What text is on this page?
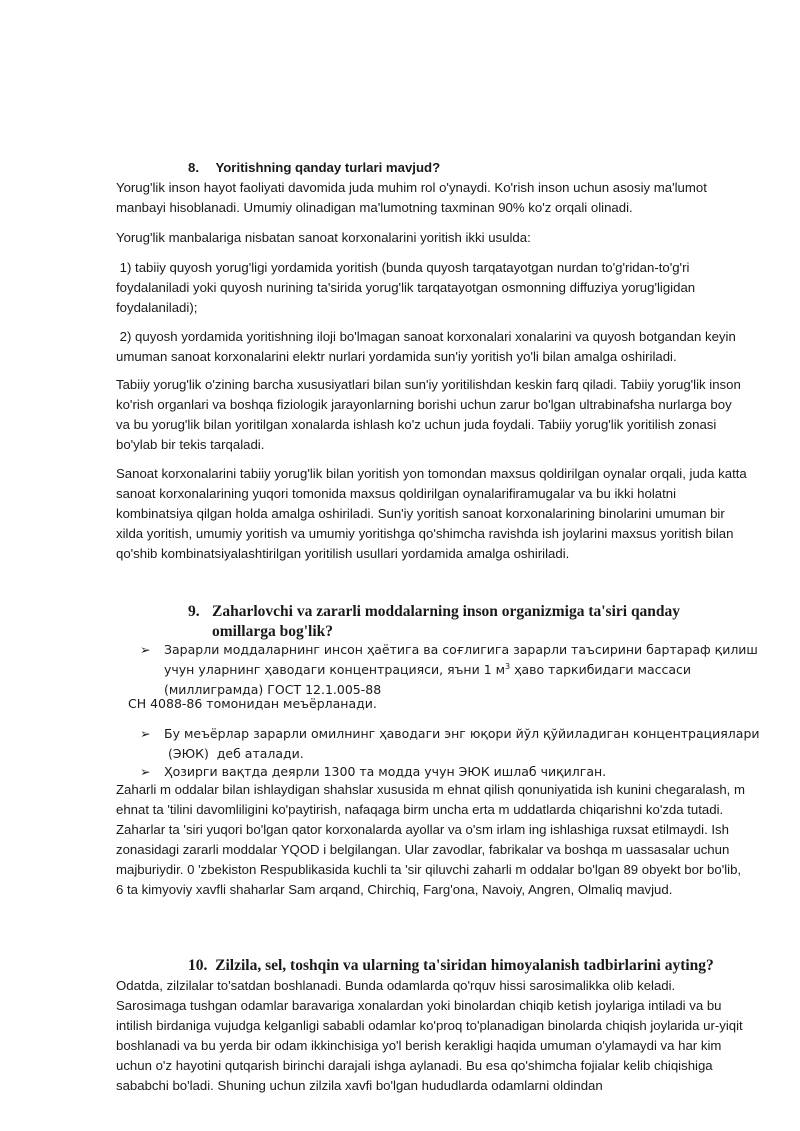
8. Yoritishning qanday turlari mavjud?

Yorug'lik inson hayot faoliyati davomida juda muhim rol o'ynaydi. Ko'rish inson uchun asosiy ma'lumot manbayi hisoblanadi. Umumiy olinadigan ma'lumotning taxminan 90% ko'z orqali olinadi.

Yorug'lik manbalariga nisbatan sanoat korxonalarini yoritish ikki usulda:

1) tabiiy quyosh yorug'ligi yordamida yoritish (bunda quyosh tarqatayotgan nurdan to'g'ridan-to'g'ri foydalaniladi yoki quyosh nurining ta'sirida yorug'lik tarqatayotgan osmonning diffuziya yorug'ligidan foydalaniladi);

2) quyosh yordamida yoritishning iloji bo'lmagan sanoat korxonalari xonalarini va quyosh botgandan keyin umuman sanoat korxonalarini elektr nurlari yordamida sun'iy yoritish yo'li bilan amalga oshiriladi.

Tabiiy yorug'lik o'zining barcha xususiyatlari bilan sun'iy yoritilishdan keskin farq qiladi. Tabiiy yorug'lik inson ko'rish organlari va boshqa fiziologik jarayonlarning borishi uchun zarur bo'lgan ultrabinafsha nurlarga boy va bu yorug'lik bilan yoritilgan xonalarda ishlash ko'z uchun juda foydali. Tabiiy yorug'lik yoritilish zonasi bo'ylab bir tekis tarqaladi.

Sanoat korxonalarini tabiiy yorug'lik bilan yoritish yon tomondan maxsus qoldirilgan oynalar orqali, juda katta sanoat korxonalarining yuqori tomonida maxsus qoldirilgan oynalarifiramugalar va bu ikki holatni kombinatsiya qilgan holda amalga oshiriladi. Sun'iy yoritish sanoat korxonalarining binolarini umuman bir xilda yoritish, umumiy yoritish va umumiy yoritishga qo'shimcha ravishda ish joylarini maxsus yoritish bilan qo'shib kombinatsiyalashtirilgan yoritilish usullari yordamida amalga oshiriladi.

9. Zaharlovchi va zararli moddalarning inson organizmiga ta'siri qanday
omillarga bog'lik?
➢	Зарарли моддаларнинг инсон ҳаётига ва соғлигига зарарли таъсирини бартараф қилиш
учун уларнинг ҳаводаги концентрацияси, яъни 1 $м^3$ ҳаво таркибидаги массаси
(миллиграмда) ГОСТ 12.1.005-88

СН 4088-86 томонидан меъёрланади.

➢	Бу меъёрлар зарарли омилнинг ҳаводаги энг юқори йўл қўйиладиган концентрациялари
(ЭЮК)  деб аталади.
➢	Ҳозирги вақтда деярли 1300 та модда учун ЭЮК ишлаб чиқилган.

Zaharli m oddalar bilan ishlaydigan shahslar xususida m ehnat qilish qonuniyatida ish kunini chegaralash, m ehnat ta 'tilini davomliligini ko'paytirish, nafaqaga birm uncha erta m uddatlarda chiqarishni ko'zda tutadi. Zaharlar ta 'siri yuqori bo'lgan qator korxonalarda ayollar va o'sm irlam ing ishlashiga ruxsat etilmaydi. Ish zonasidagi zararli moddalar YQOD i belgilangan. Ular zavodlar, fabrikalar va boshqa m uassasalar uchun majburiydir. 0 'zbekiston Respublikasida kuchli ta 'sir qiluvchi zaharli m oddalar bo'lgan 89 obyekt bor bo'lib, 6 ta kimyoviy xavfli shaharlar Sam arqand, Chirchiq, Farg'ona, Navoiy, Angren, Olmaliq mavjud.

10. Zilzila, sel, toshqin va ularning ta'siridan himoyalanish tadbirlarini ayting?

Odatda, zilzilalar to'satdan boshlanadi. Bunda odamlarda qo'rquv hissi sarosimalikka olib keladi. Sarosimaga tushgan odamlar baravariga xonalardan yoki binolardan chiqib ketish joylariga intiladi va bu intilish birdaniga vujudga kelganligi sababli odamlar ko'proq to'planadigan binolarda chiqish joylarida ur-yiqit boshlanadi va bu yerda bir odam ikkinchisiga yo'l berish kerakligi haqida umuman o'ylamaydi va har kim uchun o'z hayotini qutqarish birinchi darajali ishga aylanadi. Bu esa qo'shimcha fojialar kelib chiqishiga sababchi bo'ladi. Shuning uchun zilzila xavfi bo'lgan hududlarda odamlarni oldindan
